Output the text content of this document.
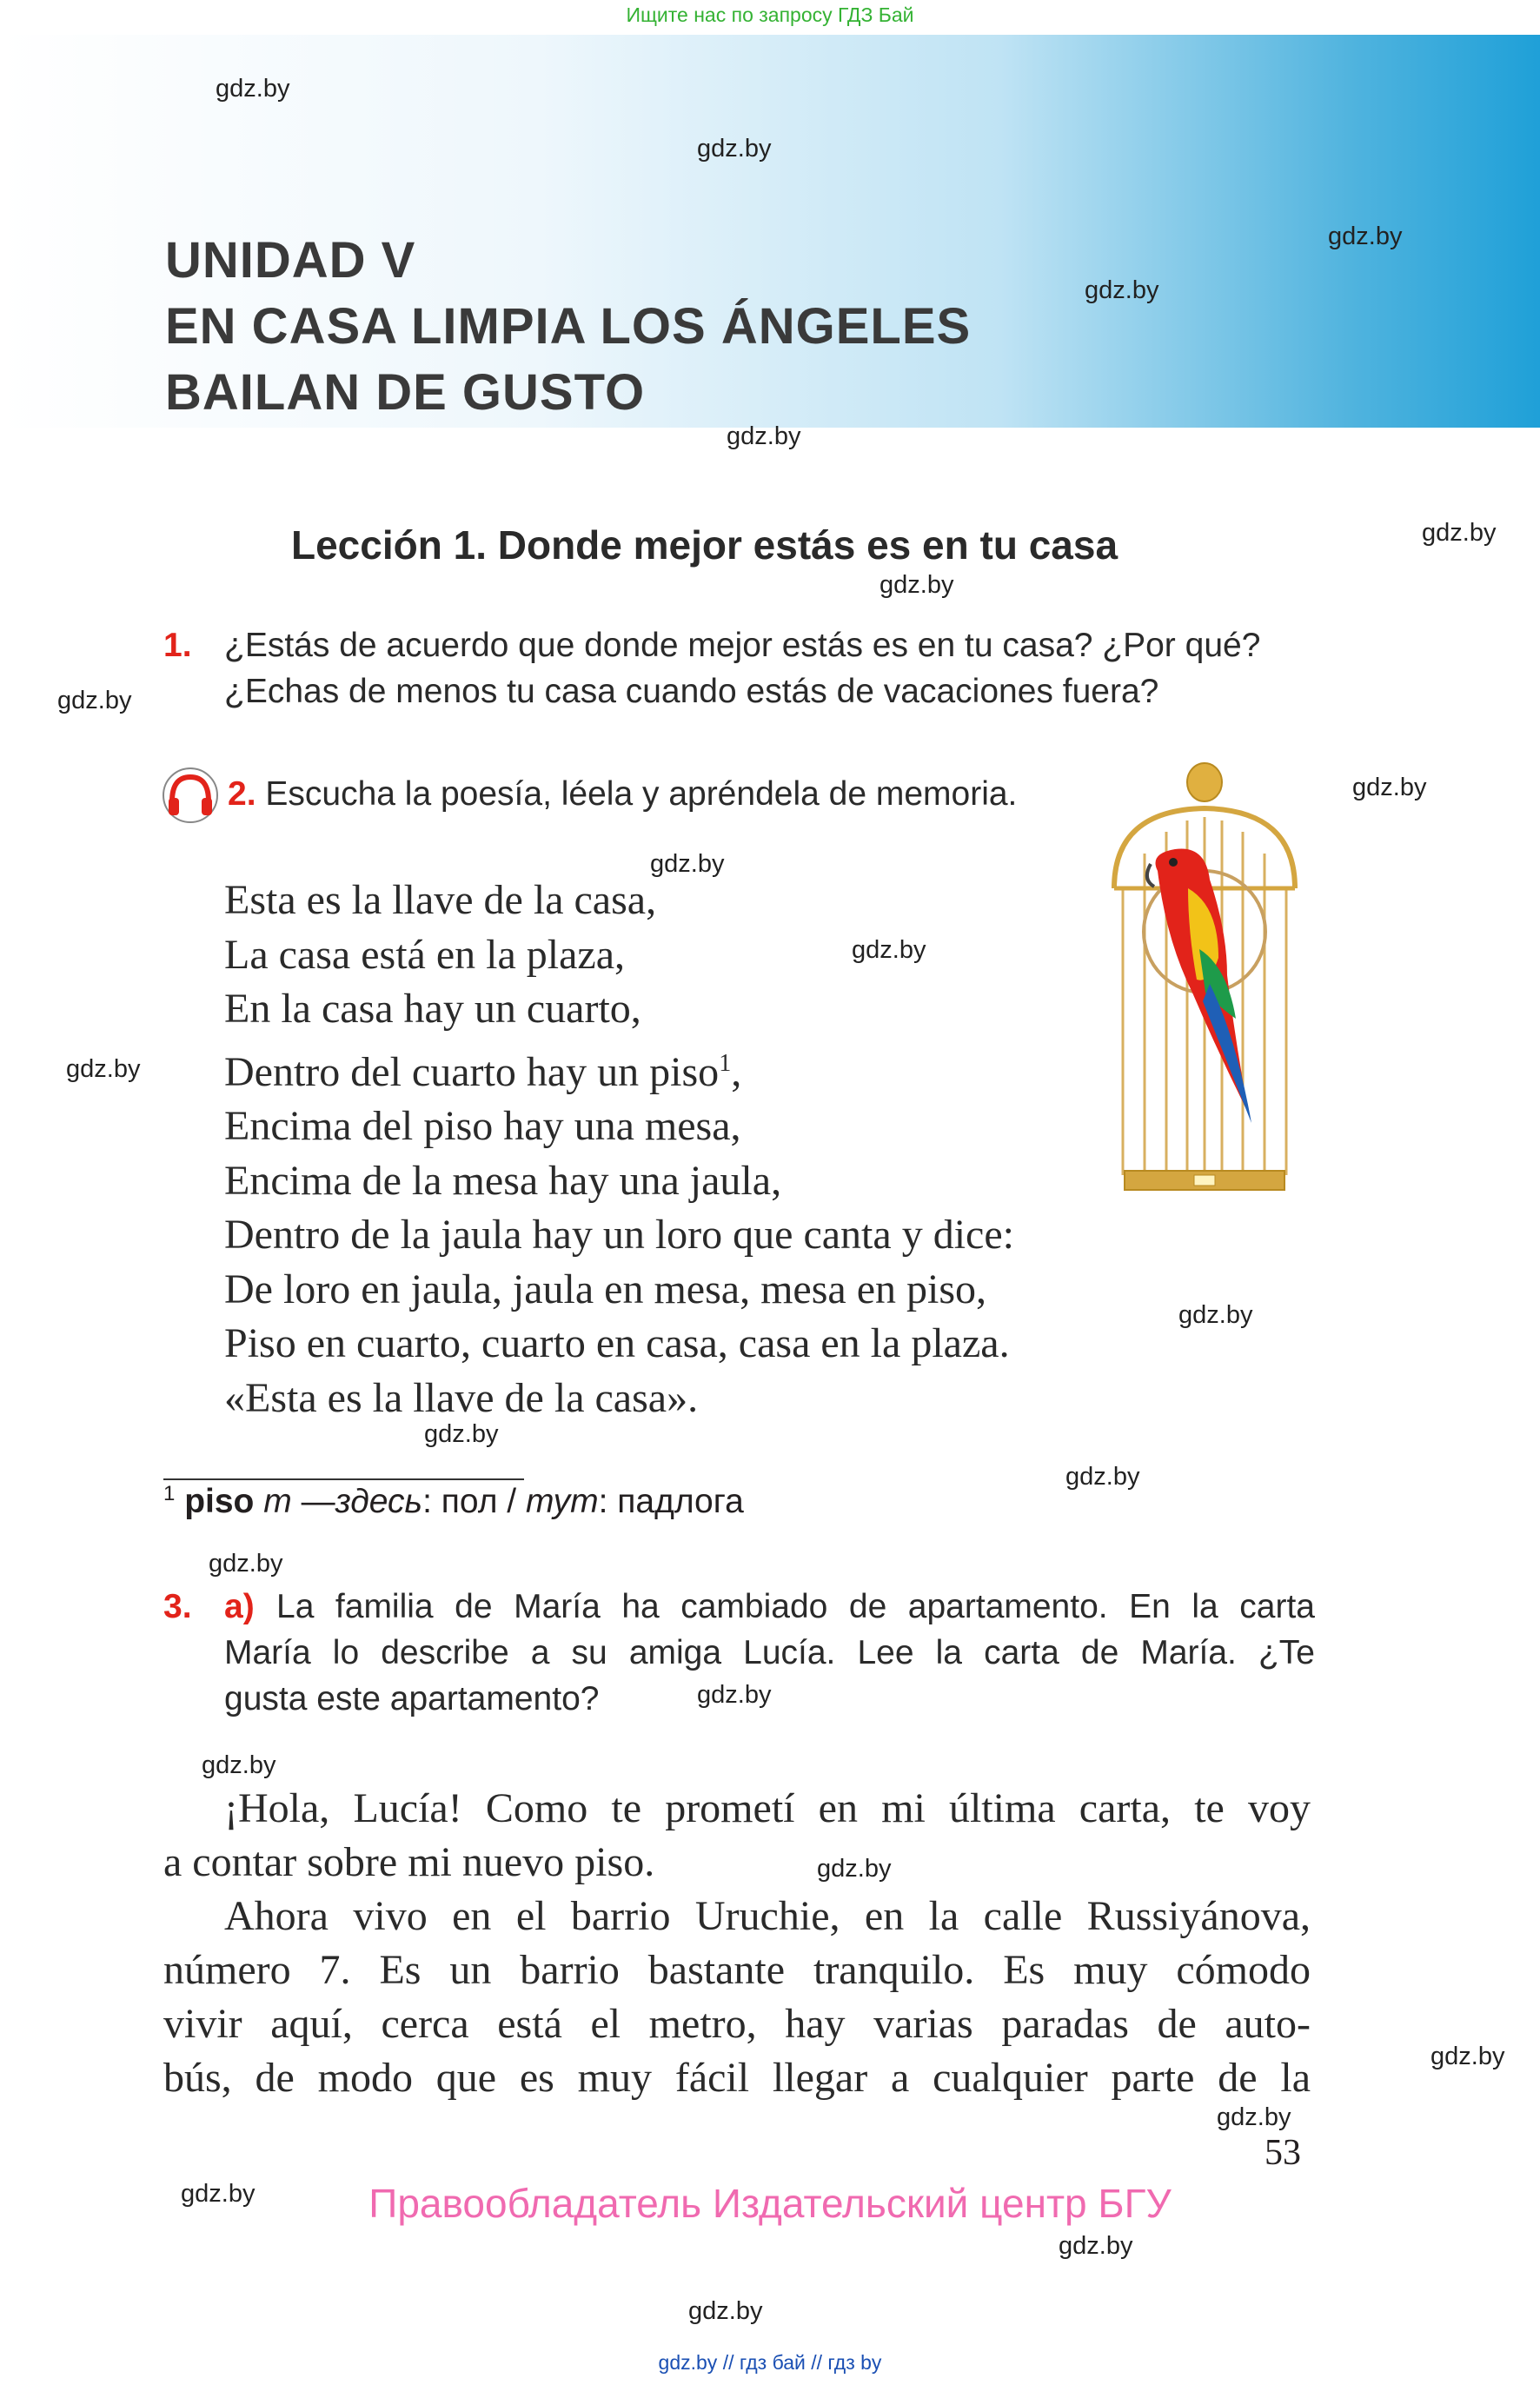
Ищите нас по запросу ГДЗ Бай
UNIDAD V
EN CASA LIMPIA LOS ÁNGELES
BAILAN DE GUSTO
Lección 1. Donde mejor estás es en tu casa
1. ¿Estás de acuerdo que donde mejor estás es en tu casa? ¿Por qué?
¿Echas de menos tu casa cuando estás de vacaciones fuera?
2. Escucha la poesía, léela y apréndela de memoria.
Esta es la llave de la casa,
La casa está en la plaza,
En la casa hay un cuarto,
Dentro del cuarto hay un piso$^1$,
Encima del piso hay una mesa,
Encima de la mesa hay una jaula,
Dentro de la jaula hay un loro que canta y dice:
De loro en jaula, jaula en mesa, mesa en piso,
Piso en cuarto, cuarto en casa, casa en la plaza.
«Esta es la llave de la casa».
$^1$ piso m —здесь: пол / тут: падлога
3. a) La familia de María ha cambiado de apartamento. En la carta
María lo describe a su amiga Lucía. Lee la carta de María. ¿Te
gusta este apartamento?
¡Hola, Lucía! Como te prometí en mi última carta, te voy
a contar sobre mi nuevo piso.
Ahora vivo en el barrio Uruchie, en la calle Russiyánova,
número 7. Es un barrio bastante tranquilo. Es muy cómodo
vivir aquí, cerca está el metro, hay varias paradas de auto-
bús, de modo que es muy fácil llegar a cualquier parte de la
53
Правообладатель Издательский центр БГУ
gdz.by // гдз бай // гдз by
gdz.by
gdz.by
gdz.by
gdz.by
gdz.by
gdz.by
gdz.by
gdz.by
gdz.by
gdz.by
gdz.by
gdz.by
gdz.by
gdz.by
gdz.by
gdz.by
gdz.by
gdz.by
gdz.by
gdz.by
gdz.by
gdz.by
gdz.by
gdz.by
